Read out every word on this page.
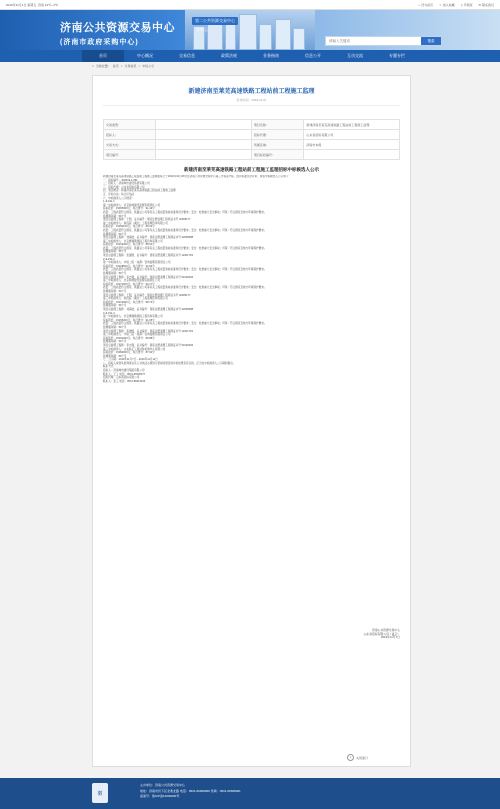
2019年11月1日 星期五 济南 12℃~4℃	⌂ 设为首页 ☆ 加入收藏 ▯ 手机版 ✉ 联系我们
济南公共资源交易中心
(济南市政府采购中心)
第二公共资源交易中心
分中心
请输入关键词
搜索
首页	中心概况	交易信息	政策法规	业务指南	信息公开	互动交流	专题专栏
⌖ 当前位置： 首页 > 交易信息 > 中标公示
新建济南至莱芜高速铁路工程站前工程施工监理
发布时间：2019-11-07
交易类型：		项目名称：	新建济南至莱芜高速铁路工程站前工程施工监理
招标人：		招标代理：	山东省招标有限公司
交易方式：		所属区域：	济南市本级
项目编号：		项目标段编号：	
新建济南至莱芜高速铁路工程站前工程施工监理招标中标候选人公示

新建济南至莱芜高速铁路工程站前工程施工监理招标已于2019年10月28日在济南公共资源交易中心第三开标室开标，经评标委员会评审，现将中标候选人公示如下：

一、招标编号：JN2019-1-051

二、招标人：济南城市建设集团有限公司

三、招标代理：山东省招标有限公司

四、项目概况：新建济南至莱芜高速铁路工程站前工程施工监理

五、评标办法：综合评估法

六、中标候选人公示情况：

1.JLJS1-1

第一中标候选人：北京铁城建设监理有限责任公司

投标报价：15305000元；综合得分：91.44分

质量：工程质量符合国家、铁路总公司等有关工程质量验收标准和设计要求；安全：杜绝重大安全事故；环保：符合国家及地方环境保护要求。

监理服务期：59个月

项目总监理工程师：王明，证书编号：国家注册监理工程师证书号 32005177

第二中标候选人：铁四院（湖北）工程监理咨询有限公司

投标报价：15203100元；综合得分：89.32分

质量：工程质量符合国家、铁路总公司等有关工程质量验收标准和设计要求；安全：杜绝重大安全事故；环保：符合国家及地方环境保护要求。

监理服务期：59个月

项目总监理工程师：刘海波，证书编号：国家注册监理工程师证书号 32005088

第三中标候选人：北京赛瑞斯国际工程咨询有限公司

投标报价：15163300元；综合得分：88.91分

质量：工程质量符合国家、铁路总公司等有关工程质量验收标准和设计要求；安全：杜绝重大安全事故；环保：符合国家及地方环境保护要求。

监理服务期：59个月

项目总监理工程师：张建国，证书编号：国家注册监理工程师证书号 11001763

2.JLJS1-2

第一中标候选人：中铁二院（成都）咨询监理有限责任公司

投标报价：15318500元；综合得分：92.06分

质量：工程质量符合国家、铁路总公司等有关工程质量验收标准和设计要求；安全：杜绝重大安全事故；环保：符合国家及地方环境保护要求。

监理服务期：59个月

项目总监理工程师：李志强，证书编号：国家注册监理工程师证书号 51002493

第二中标候选人：北京铁城建设监理有限责任公司

投标报价：15271000元；综合得分：90.17分

质量：工程质量符合国家、铁路总公司等有关工程质量验收标准和设计要求；安全：杜绝重大安全事故；环保：符合国家及地方环境保护要求。

监理服务期：59个月

项目总监理工程师：王明，证书编号：国家注册监理工程师证书号 32005177

第三中标候选人：铁四院（湖北）工程监理咨询有限公司

投标报价：15210000元；综合得分：88.73分

监理服务期：59个月

项目总监理工程师：刘海波，证书编号：国家注册监理工程师证书号 32005088

3.JLJS1-3

第一中标候选人：北京赛瑞斯国际工程咨询有限公司

投标报价：15155200元；综合得分：91.05分

质量：工程质量符合国家、铁路总公司等有关工程质量验收标准和设计要求；安全：杜绝重大安全事故；环保：符合国家及地方环境保护要求。

监理服务期：59个月

项目总监理工程师：张建国，证书编号：国家注册监理工程师证书号 11001763

第二中标候选人：中铁二院（成都）咨询监理有限责任公司

投标报价：15302000元；综合得分：89.88分

监理服务期：59个月

项目总监理工程师：李志强，证书编号：国家注册监理工程师证书号 51002493

第三中标候选人：山东铁正工程试验检测中心有限公司

投标报价：15090000元；综合得分：87.62分

监理服务期：59个月

七、公示期：2019年11月7日－2019年11月11日

八、投标人或者其他利害关系人对依法必须进行招标的项目的评标结果有异议的，应当在中标候选人公示期间提出。

联系方式：

招标人：济南城市建设集团有限公司

联系人：王工 电话：0531-66606677

招标代理：山东省招标有限公司

联系人：张工 电话：0531-86913333

济南公共资源交易中心
山东省招标有限公司（盖章）
2019年11月7日
×	关闭窗口
徽
主办单位：济南公共资源交易中心
地址：济南市历下区龙奥北路 电话：0531-66608000 传真：0531-66608001
备案号：鲁ICP备12000000号
